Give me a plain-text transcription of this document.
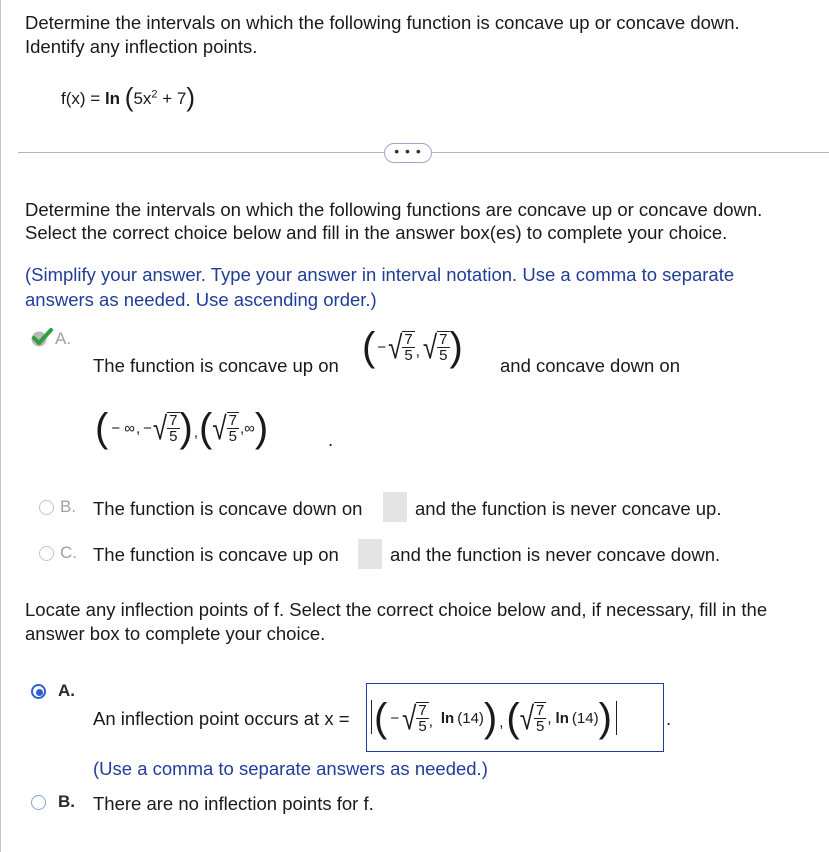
Determine the intervals on which the following function is concave up or concave down.
Identify any inflection points.
$f(x) = \ln (5x^2 + 7)$
• • •
Determine the intervals on which the following functions are concave up or concave down.
Select the correct choice below and fill in the answer box(es) to complete your choice.
(Simplify your answer. Type your answer in interval notation. Use a comma to separate
answers as needed. Use ascending order.)
A.
The function is concave up on ( − √ $\frac{7}{5}$ , √ $\frac{7}{5}$ ) and concave down on
( − ∞ , − √ $\frac{7}{5}$ ) , ( √ $\frac{7}{5}$ , ∞ )	.
B. The function is concave down on	and the function is never concave up.
C. The function is concave up on	and the function is never concave down.
Locate any inflection points of f. Select the correct choice below and, if necessary, fill in the
answer box to complete your choice.
A.
An inflection point occurs at x = ( − √ $\frac{7}{5}$ , ln (14) ) , ( √ $\frac{7}{5}$ , ln (14) )	.
(Use a comma to separate answers as needed.)
B. There are no inflection points for f.
